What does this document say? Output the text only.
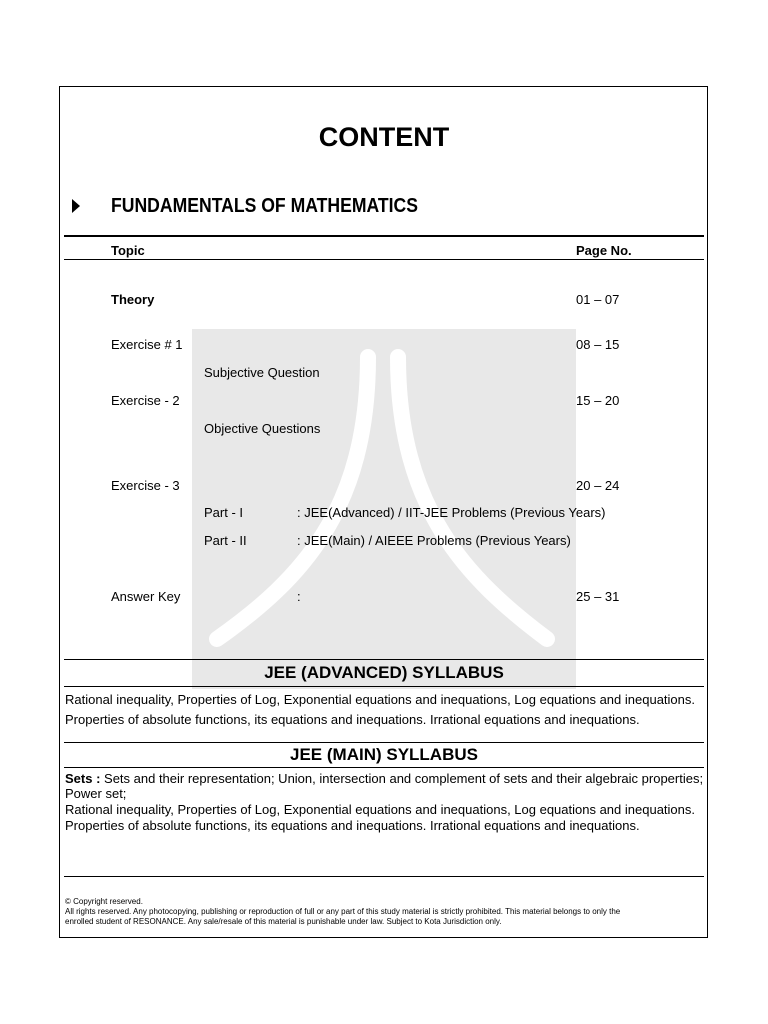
CONTENT
FUNDAMENTALS OF MATHEMATICS
Topic	Page No.
Theory	01 – 07
Exercise # 1	08 – 15
Subjective Question
Exercise - 2	15 – 20
Objective Questions
Exercise - 3	20 – 24
Part - I	: JEE(Advanced) / IIT-JEE Problems (Previous Years)
Part - II	: JEE(Main) / AIEEE Problems (Previous Years)
Answer Key	:	25 – 31
JEE (ADVANCED) SYLLABUS
Rational inequality, Properties of Log, Exponential equations and inequations, Log equations and inequations.
Properties of absolute functions, its equations and inequations. Irrational equations and inequations.
JEE (MAIN) SYLLABUS
Sets : Sets and their representation; Union, intersection and complement of sets and their algebraic properties;
Power set;
Rational inequality, Properties of Log, Exponential equations and inequations, Log equations and inequations.
Properties of absolute functions, its equations and inequations. Irrational equations and inequations.
© Copyright reserved.
All rights reserved. Any photocopying, publishing or reproduction of full or any part of this study material is strictly prohibited. This material belongs to only the
enrolled student of RESONANCE. Any sale/resale of this material is punishable under law. Subject to Kota Jurisdiction only.
